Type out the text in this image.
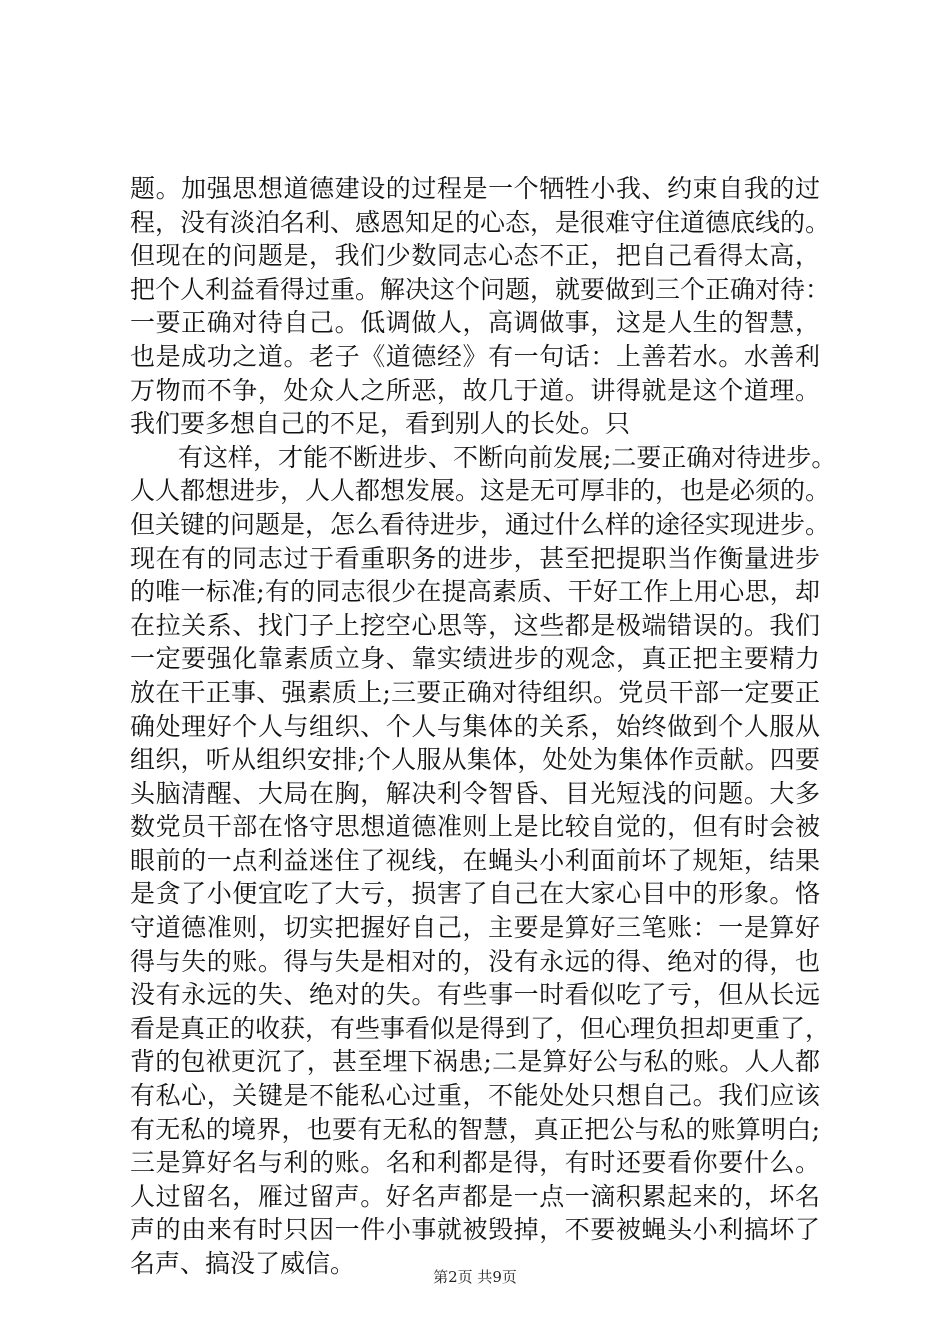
题。加强思想道德建设的过程是一个牺牲小我、约束自我的过
程，没有淡泊名利、感恩知足的心态，是很难守住道德底线的。
但现在的问题是，我们少数同志心态不正，把自己看得太高，
把个人利益看得过重。解决这个问题，就要做到三个正确对待：
一要正确对待自己。低调做人，高调做事，这是人生的智慧，
也是成功之道。老子《道德经》有一句话：上善若水。水善利
万物而不争，处众人之所恶，故几于道。讲得就是这个道理。
我们要多想自己的不足，看到别人的长处。只
有这样，才能不断进步、不断向前发展;二要正确对待进步。
人人都想进步，人人都想发展。这是无可厚非的，也是必须的。
但关键的问题是，怎么看待进步，通过什么样的途径实现进步。
现在有的同志过于看重职务的进步，甚至把提职当作衡量进步
的唯一标准;有的同志很少在提高素质、干好工作上用心思，却
在拉关系、找门子上挖空心思等，这些都是极端错误的。我们
一定要强化靠素质立身、靠实绩进步的观念，真正把主要精力
放在干正事、强素质上;三要正确对待组织。党员干部一定要正
确处理好个人与组织、个人与集体的关系，始终做到个人服从
组织，听从组织安排;个人服从集体，处处为集体作贡献。四要
头脑清醒、大局在胸，解决利令智昏、目光短浅的问题。大多
数党员干部在恪守思想道德准则上是比较自觉的，但有时会被
眼前的一点利益迷住了视线，在蝇头小利面前坏了规矩，结果
是贪了小便宜吃了大亏，损害了自己在大家心目中的形象。恪
守道德准则，切实把握好自己，主要是算好三笔账：一是算好
得与失的账。得与失是相对的，没有永远的得、绝对的得，也
没有永远的失、绝对的失。有些事一时看似吃了亏，但从长远
看是真正的收获，有些事看似是得到了，但心理负担却更重了，
背的包袱更沉了，甚至埋下祸患;二是算好公与私的账。人人都
有私心，关键是不能私心过重，不能处处只想自己。我们应该
有无私的境界，也要有无私的智慧，真正把公与私的账算明白;
三是算好名与利的账。名和利都是得，有时还要看你要什么。
人过留名，雁过留声。好名声都是一点一滴积累起来的，坏名
声的由来有时只因一件小事就被毁掉，不要被蝇头小利搞坏了
名声、搞没了威信。	第2页 共9页
